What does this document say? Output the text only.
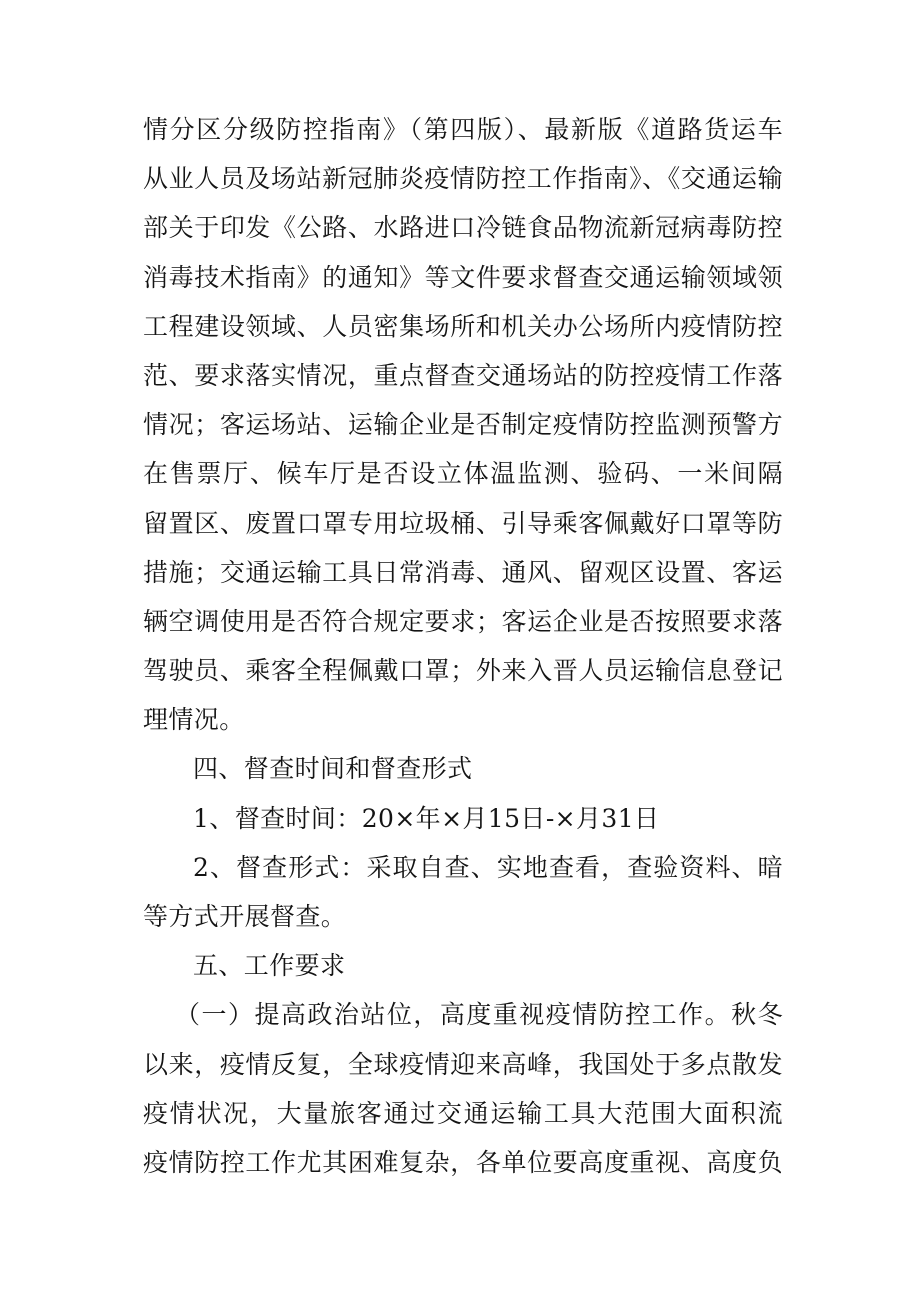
情分区分级防控指南》（第四版）、最新版《道路货运车
从业人员及场站新冠肺炎疫情防控工作指南》、《交通运输
部关于印发《公路、水路进口冷链食品物流新冠病毒防控
消毒技术指南》的通知》等文件要求督查交通运输领域领
工程建设领域、人员密集场所和机关办公场所内疫情防控
范、要求落实情况，重点督查交通场站的防控疫情工作落
情况；客运场站、运输企业是否制定疫情防控监测预警方
在售票厅、候车厅是否设立体温监测、验码、一米间隔
留置区、废置口罩专用垃圾桶、引导乘客佩戴好口罩等防
措施；交通运输工具日常消毒、通风、留观区设置、客运
辆空调使用是否符合规定要求；客运企业是否按照要求落
驾驶员、乘客全程佩戴口罩；外来入晋人员运输信息登记
理情况。
四、督查时间和督查形式
1、督查时间：20×年×月15日-×月31日
2、督查形式：采取自查、实地查看，查验资料、暗
等方式开展督查。
五、工作要求
（一）提高政治站位，高度重视疫情防控工作。秋冬
以来，疫情反复，全球疫情迎来高峰，我国处于多点散发
疫情状况，大量旅客通过交通运输工具大范围大面积流
疫情防控工作尤其困难复杂，各单位要高度重视、高度负
